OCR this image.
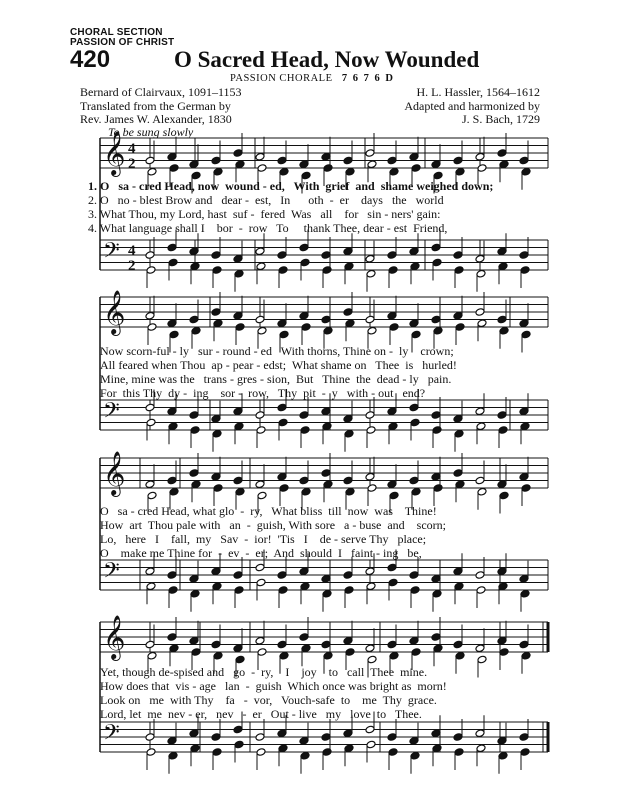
CHORAL SECTION
PASSION OF CHRIST
420	O Sacred Head, Now Wounded
PASSION CHORALE 7 6 7 6 D
Bernard of Clairvaux, 1091–1153
Translated from the German by
Rev. James W. Alexander, 1830
H. L. Hassler, 1564–1612
Adapted and harmonized by
J. S. Bach, 1729
To be sung slowly
𝄞 4
2
𝄢 4
2
𝄞
𝄢
𝄞
𝄢
𝄞
𝄢
1. O   sa - cred Head, now  wound - ed,   With  grief  and  shame weighed down;
2. O   no - blest Brow and   dear -  est,   In      oth  -  er    days   the   world
3. What Thou, my Lord, hast  suf -  fered  Was   all    for   sin - ners' gain:
4. What language shall I    bor  -  row   To     thank Thee, dear - est  Friend,
Now scorn-ful - ly   sur - round - ed   With thorns, Thine on -  ly    crown;
All feared when Thou  ap - pear - edst;  What shame on   Thee  is   hurled!
Mine, mine was the   trans - gres - sion,  But   Thine  the  dead - ly   pain.
For  this Thy  dy -  ing    sor -  row,   Thy  pit  -  y   with - out   end?
O   sa - cred Head, what glo  -  ry,   What bliss  till  now  was    Thine!
How  art  Thou pale with   an  -  guish, With sore   a - buse  and    scorn;
Lo,   here   I    fall,  my   Sav  -  ior!  'Tis   I    de - serve Thy   place;
O    make me Thine for  -  ev  -  er;  And  should  I   faint - ing   be,
Yet, though de-spised and   go  -  ry,    I    joy    to   call  Thee  mine.
How does that  vis - age   lan  -  guish  Which once was bright as  morn!
Look on   me  with Thy    fa   -  vor,   Vouch-safe  to    me  Thy  grace.
Lord, let  me  nev - er,   nev   -  er   Out - live   my   love  to   Thee.
